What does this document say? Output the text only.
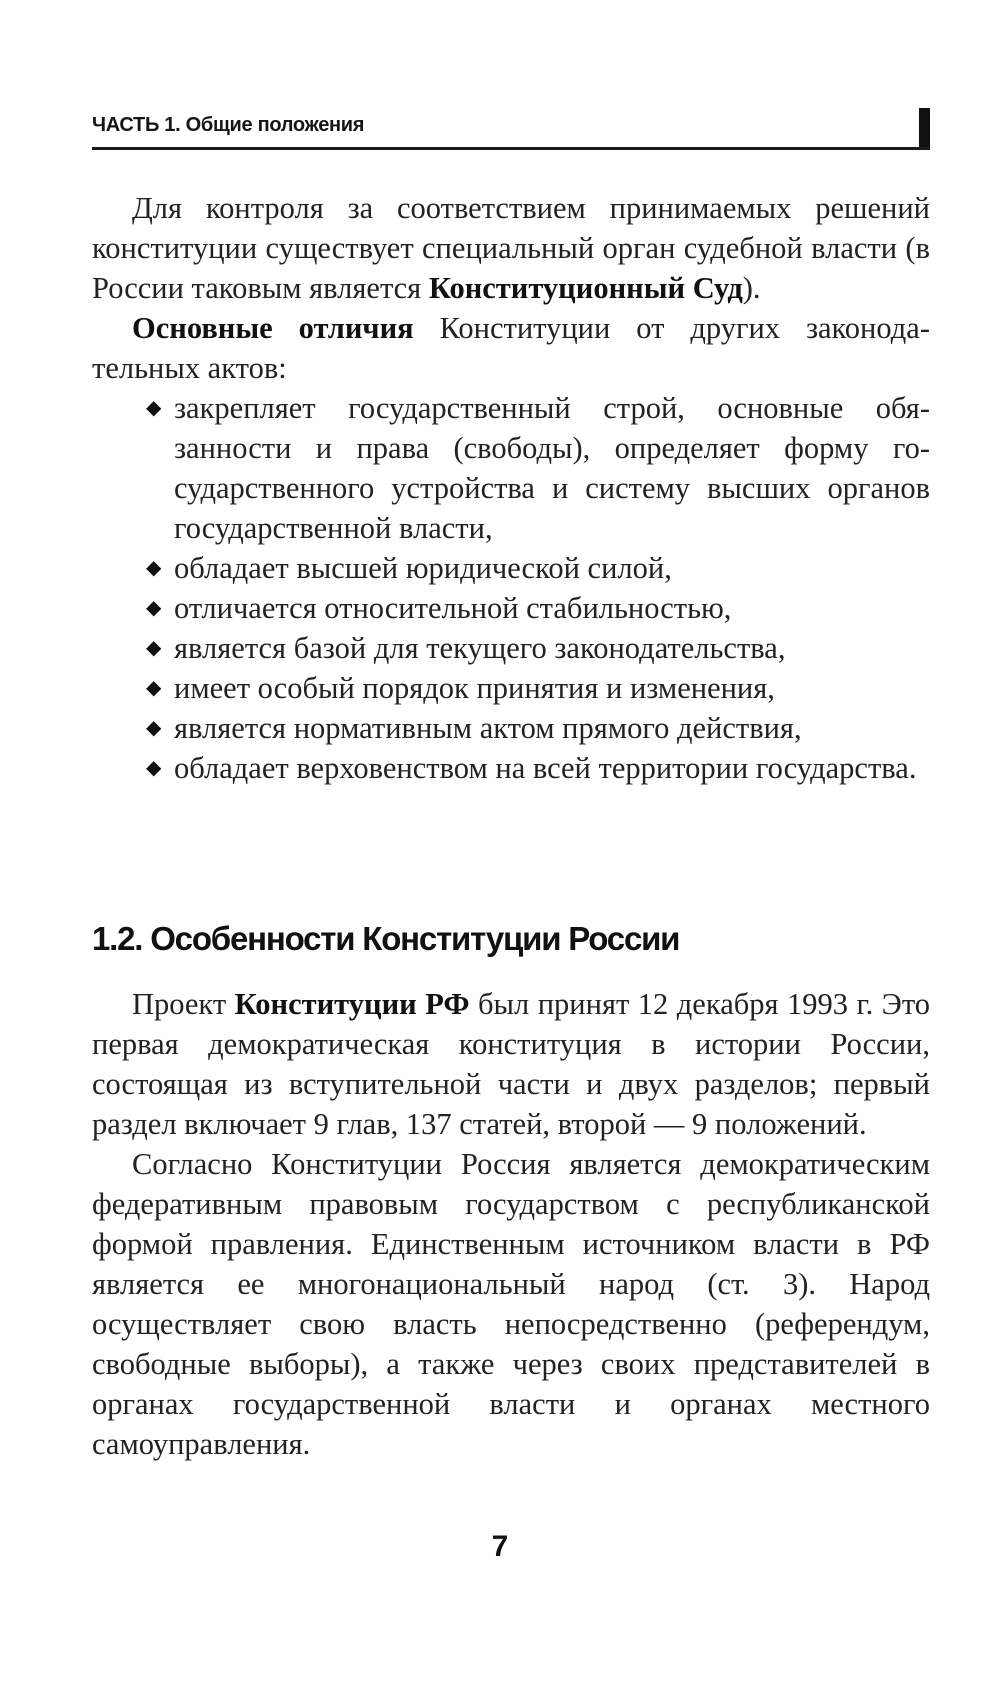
ЧАСТЬ 1. Общие положения

Для контроля за соответствием принимаемых решений конституции существует специальный орган судебной власти (в России таковым является Конституционный Суд).

Основные отличия Конституции от других законодательных актов:

◆ закрепляет государственный строй, основные обязанности и права (свободы), определяет форму государственного устройства и систему высших органов государственной власти,
◆ обладает высшей юридической силой,
◆ отличается относительной стабильностью,
◆ является базой для текущего законодательства,
◆ имеет особый порядок принятия и изменения,
◆ является нормативным актом прямого действия,
◆ обладает верховенством на всей территории государства.
1.2. Особенности Конституции России

Проект Конституции РФ был принят 12 декабря 1993 г. Это первая демократическая конституция в истории России, состоящая из вступительной части и двух разделов; первый раздел включает 9 глав, 137 статей, второй — 9 положений.

Согласно Конституции Россия является демократическим федеративным правовым государством с республиканской формой правления. Единственным источником власти в РФ является ее многонациональный народ (ст. 3). Народ осуществляет свою власть непосредственно (референдум, свободные выборы), а также через своих представителей в органах государственной власти и органах местного самоуправления.

7
